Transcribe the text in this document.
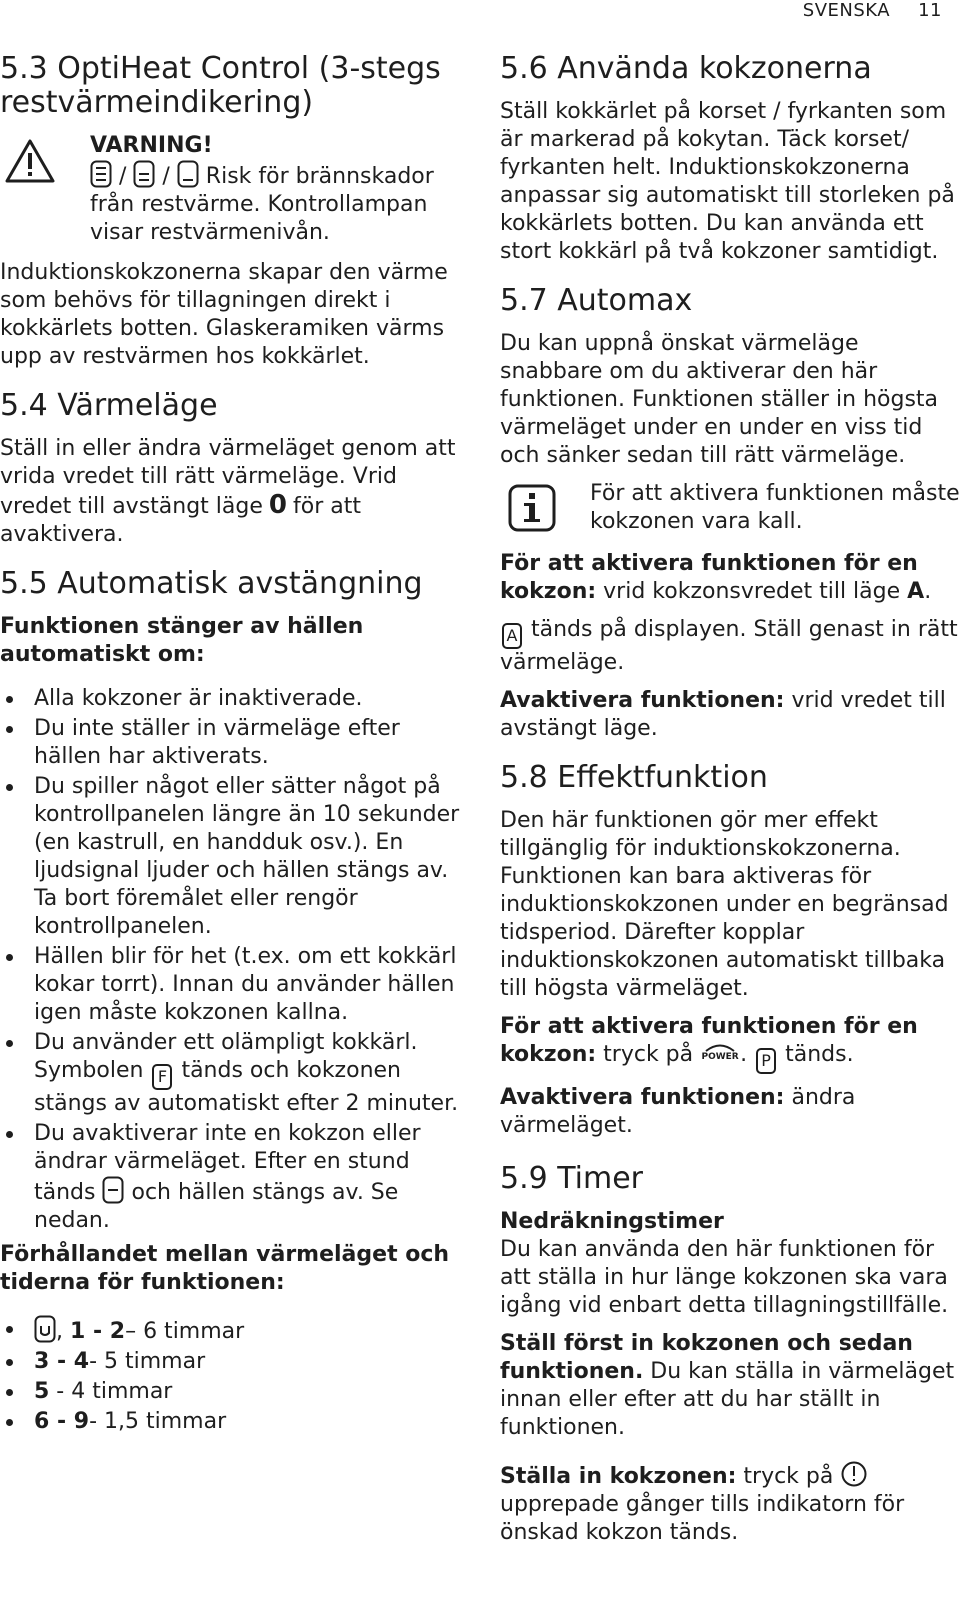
SVENSKA 11
5.3 OptiHeat Control (3-stegs restvärmeindikering)
VARNING!
/  /  Risk för brännskador från restvärme. Kontrollampan visar restvärmenivån.

Induktionskokzonerna skapar den värme som behövs för tillagningen direkt i kokkärlets botten. Glaskeramiken värms upp av restvärmen hos kokkärlet.

5.4 Värmeläge

Ställ in eller ändra värmeläget genom att vrida vredet till rätt värmeläge. Vrid vredet till avstängt läge 0 för att avaktivera.

5.5 Automatisk avstängning
Funktionen stänger av hällen automatiskt om:
Alla kokzoner är inaktiverade.
Du inte ställer in värmeläge efter hällen har aktiverats.
Du spiller något eller sätter något på kontrollpanelen längre än 10 sekunder (en kastrull, en handduk osv.). En ljudsignal ljuder och hällen stängs av. Ta bort föremålet eller rengör kontrollpanelen.
Hällen blir för het (t.ex. om ett kokkärl kokar torrt). Innan du använder hällen igen måste kokzonen kallna.
Du använder ett olämpligt kokkärl.
Symbolen F tänds och kokzonen stängs av automatiskt efter 2 minuter.
Du avaktiverar inte en kokzon eller ändrar värmeläget. Efter en stund tänds och hällen stängs av. Se nedan.
Förhållandet mellan värmeläget och tiderna för funktionen:
, 1 - 2– 6 timmar
3 - 4- 5 timmar
5 - 4 timmar
6 - 9- 1,5 timmar
5.6 Använda kokzonerna

Ställ kokkärlet på korset / fyrkanten som är markerad på kokytan. Täck korset/ fyrkanten helt. Induktionskokzonerna anpassar sig automatiskt till storleken på kokkärlets botten. Du kan använda ett stort kokkärl på två kokzoner samtidigt.

5.7 Automax

Du kan uppnå önskat värmeläge snabbare om du aktiverar den här funktionen. Funktionen ställer in högsta värmeläget under en under en viss tid och sänker sedan till rätt värmeläge.

För att aktivera funktionen måste kokzonen vara kall.

För att aktivera funktionen för en kokzon: vrid kokzonsvredet till läge A.

A tänds på displayen. Ställ genast in rätt värmeläge.

Avaktivera funktionen: vrid vredet till avstängt läge.

5.8 Effektfunktion

Den här funktionen gör mer effekt tillgänglig för induktionskokzonerna. Funktionen kan bara aktiveras för induktionskokzonen under en begränsad tidsperiod. Därefter kopplar induktionskokzonen automatiskt tillbaka till högsta värmeläget.

För att aktivera funktionen för en kokzon: tryck på
POWER. P tänds.

Avaktivera funktionen: ändra värmeläget.

5.9 Timer
Nedräkningstimer

Du kan använda den här funktionen för att ställa in hur länge kokzonen ska vara igång vid enbart detta tillagningstillfälle.

Ställ först in kokzonen och sedan funktionen. Du kan ställa in värmeläget innan eller efter att du har ställt in funktionen.

Ställa in kokzonen: tryck på  upprepade gånger tills indikatorn för önskad kokzon tänds.
